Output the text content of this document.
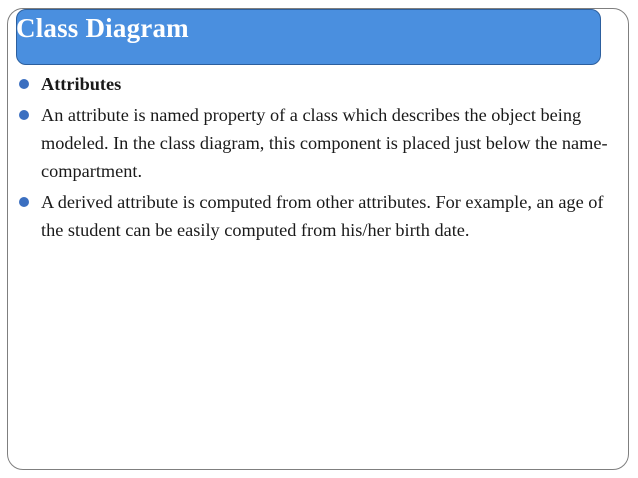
Class Diagram
Attributes
An attribute is named property of a class which describes the object being modeled. In the class diagram, this component is placed just below the name-compartment.
A derived attribute is computed from other attributes. For example, an age of the student can be easily computed from his/her birth date.
